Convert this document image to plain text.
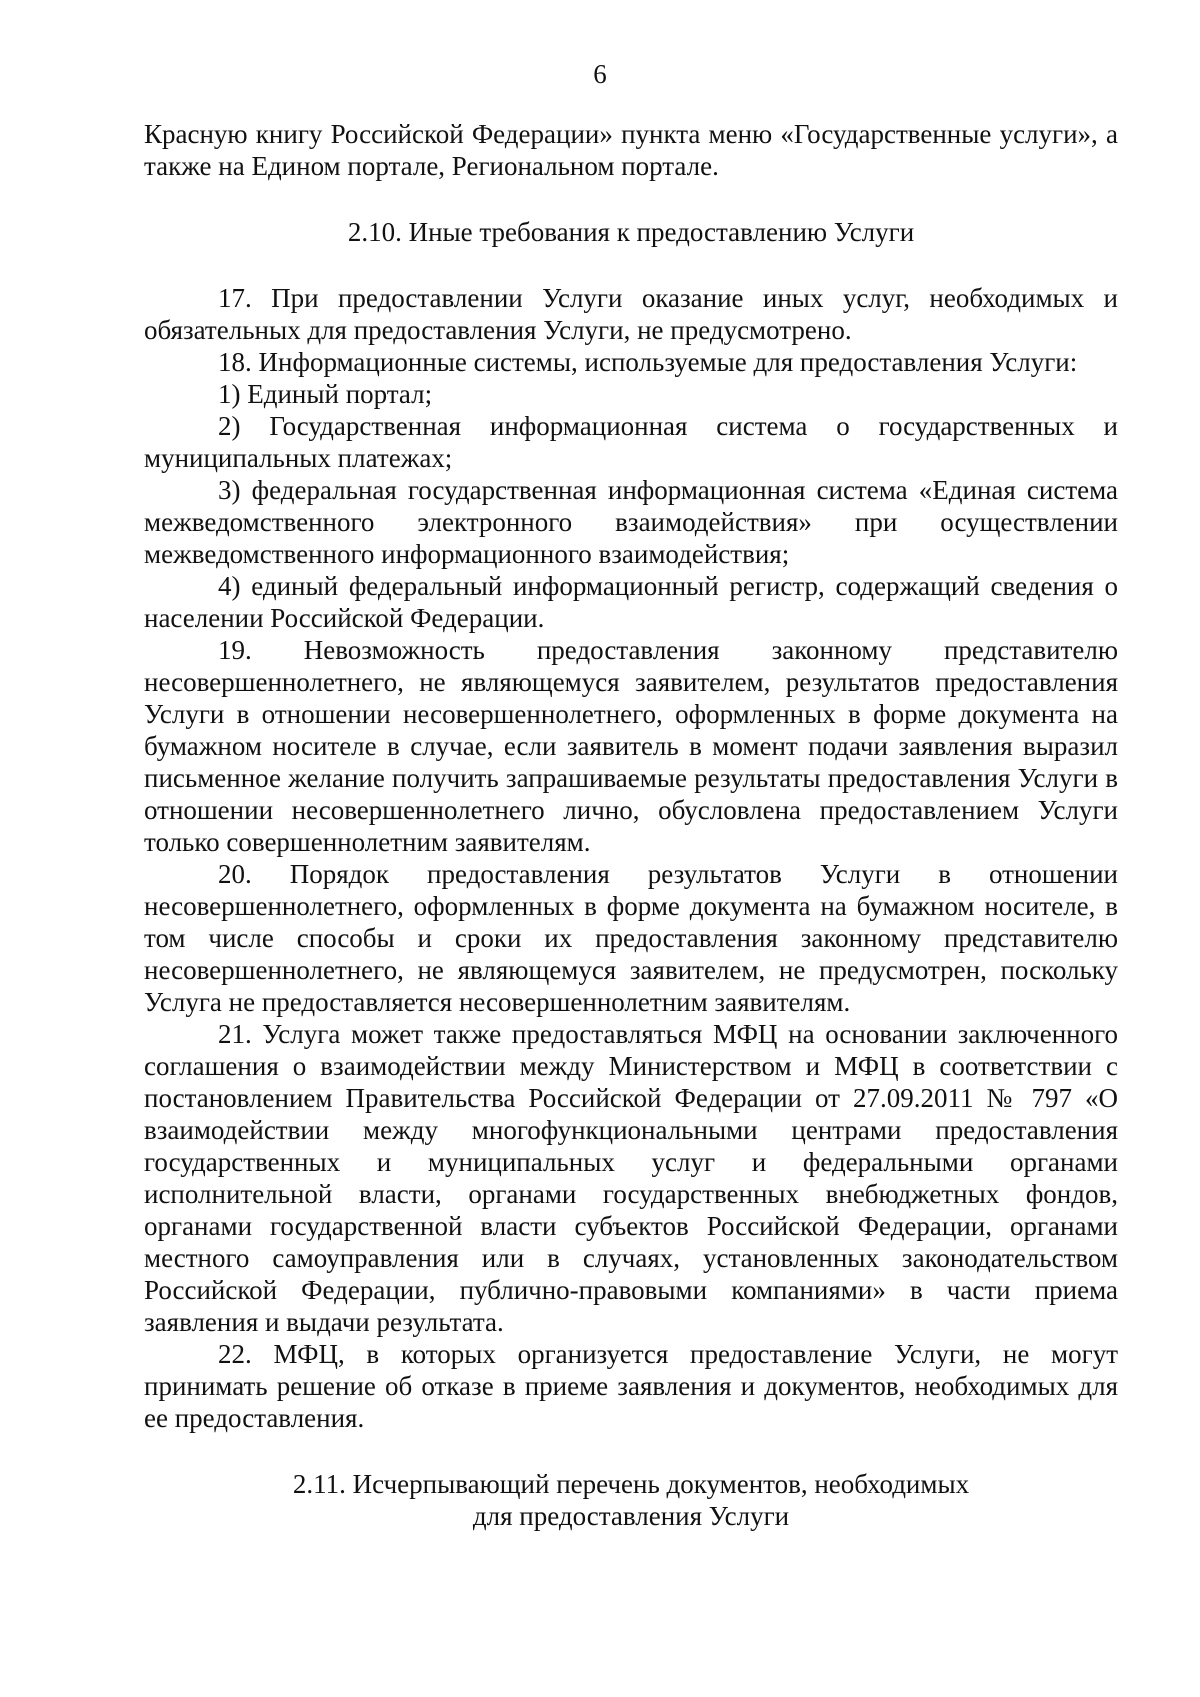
6

Красную книгу Российской Федерации» пункта меню «Государственные услуги», а также на Едином портале, Региональном портале.

2.10. Иные требования к предоставлению Услуги

17. При предоставлении Услуги оказание иных услуг, необходимых и обязательных для предоставления Услуги, не предусмотрено.

18. Информационные системы, используемые для предоставления Услуги:

1) Единый портал;

2) Государственная информационная система о государственных и муниципальных платежах;

3) федеральная государственная информационная система «Единая система межведомственного электронного взаимодействия» при осуществлении межведомственного информационного взаимодействия;

4) единый федеральный информационный регистр, содержащий сведения о населении Российской Федерации.

19. Невозможность предоставления законному представителю несовершеннолетнего, не являющемуся заявителем, результатов предоставления Услуги в отношении несовершеннолетнего, оформленных в форме документа на бумажном носителе в случае, если заявитель в момент подачи заявления выразил письменное желание получить запрашиваемые результаты предоставления Услуги в отношении несовершеннолетнего лично, обусловлена предоставлением Услуги только совершеннолетним заявителям.

20. Порядок предоставления результатов Услуги в отношении несовершеннолетнего, оформленных в форме документа на бумажном носителе, в том числе способы и сроки их предоставления законному представителю несовершеннолетнего, не являющемуся заявителем, не предусмотрен, поскольку Услуга не предоставляется несовершеннолетним заявителям.

21. Услуга может также предоставляться МФЦ на основании заключенного соглашения о взаимодействии между Министерством и МФЦ в соответствии с постановлением Правительства Российской Федерации от 27.09.2011 № 797 «О взаимодействии между многофункциональными центрами предоставления государственных и муниципальных услуг и федеральными органами исполнительной власти, органами государственных внебюджетных фондов, органами государственной власти субъектов Российской Федерации, органами местного самоуправления или в случаях, установленных законодательством Российской Федерации, публично-правовыми компаниями» в части приема заявления и выдачи результата.

22. МФЦ, в которых организуется предоставление Услуги, не могут принимать решение об отказе в приеме заявления и документов, необходимых для ее предоставления.

2.11. Исчерпывающий перечень документов, необходимых для предоставления Услуги
